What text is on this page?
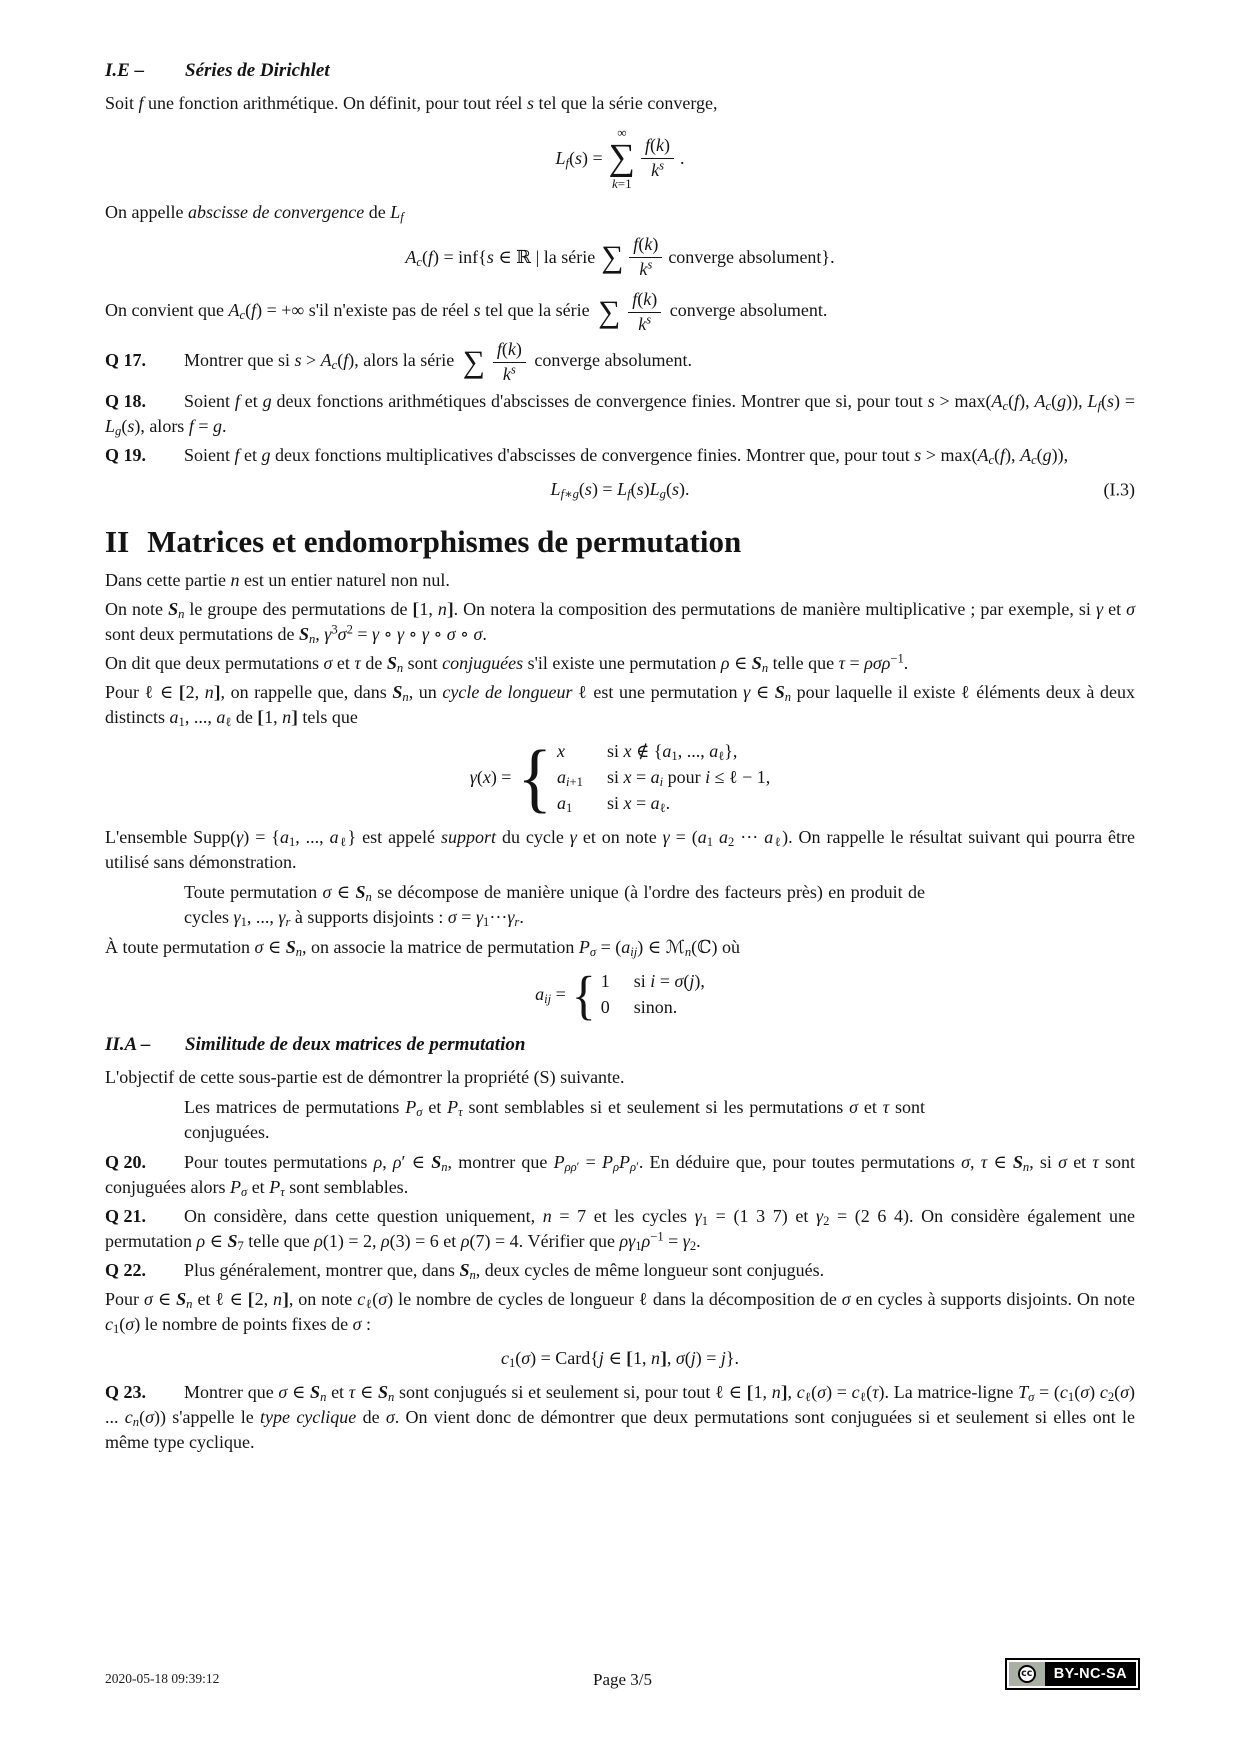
I.E –	Séries de Dirichlet

Soit f une fonction arithmétique. On définit, pour tout réel s tel que la série converge,

$L_f(s)$ =
∞
∑
k=1
$\frac{f(k)}{k^s}$ .

On appelle abscisse de convergence de $L_f$

$A_c(f) = inf\{s$ ∈ ℝ | la série ∑ $\frac{f(k)}{k^s}$ converge absolument}.

On convient que $A_c(f)$ = +∞ s'il n'existe pas de réel s tel que la série ∑ $\frac{f(k)}{k^s}$ converge absolument.

Q 17. Montrer que si $s > A_c(f)$, alors la série ∑ $\frac{f(k)}{k^s}$ converge absolument.

Q 18. Soient f et g deux fonctions arithmétiques d'abscisses de convergence finies. Montrer que si, pour tout $s > \max(A_c(f)$, $A_c(g)$), $L_f(s) = L_g(s)$, alors f = g.

Q 19. Soient f et g deux fonctions multiplicatives d'abscisses de convergence finies. Montrer que, pour tout $s > \max(A_c(f)$, $A_c(g)$),

$L_{f∗g}(s) = L_f(s)L_g(s)$.	(I.3)
II Matrices et endomorphismes de permutation

Dans cette partie n est un entier naturel non nul.

On note $S_n$ le groupe des permutations de [[ 1, n]] . On notera la composition des permutations de manière multiplicative ; par exemple, si γ et σ sont deux permutations de $S_n$, $\gamma^3\sigma^2 = \gamma$ ∘ γ ∘ γ ∘ σ ∘ σ.

On dit que deux permutations σ et τ de $S_n$ sont conjuguées s'il existe une permutation ρ ∈ $S_n$ telle que τ = ρσρ$^{-1}$.

Pour ℓ ∈ [[ 2, n]] , on rappelle que, dans $S_n$, un cycle de longueur ℓ est une permutation γ ∈ $S_n$ pour laquelle il existe ℓ éléments deux à deux distincts $a_1$, ..., $a_\ell$ de [[ 1, n]] tels que

γ(x) = { x	si x ∉ {$a_1$, ..., $a_\ell$},
$a_{i+1}$ si $x = a_i$ pour i ≤ ℓ − 1,
$a_1$	si $x = a_\ell$.

L'ensemble Supp(γ) = {$a_1$, ..., $a_\ell$} est appelé support du cycle γ et on note $\gamma = (a_1$ $a_2$ ··· $a_\ell$). On rappelle le résultat suivant qui pourra être utilisé sans démonstration.

Toute permutation σ ∈ $S_n$ se décompose de manière unique (à l'ordre des facteurs près) en produit de cycles $\gamma_1$, ..., $\gamma_r$ à supports disjoints : $\sigma = \gamma_1\cdot\cdot\cdot\gamma_r$.

À toute permutation σ ∈ $S_n$, on associe la matrice de permutation $P_\sigma = (a_{ij})$ ∈ ℳ$_n$(ℂ) où

$a_{ij}$ = { 1 si i = σ(j),
0 sinon.
II.A –	Similitude de deux matrices de permutation

L'objectif de cette sous-partie est de démontrer la propriété (S) suivante.

Les matrices de permutations $P_\sigma$ et $P_\tau$ sont semblables si et seulement si les permutations σ et τ sont conjuguées.

Q 20. Pour toutes permutations ρ, ρ′ ∈ $S_n$, montrer que $P_{\rho\rho'} = P_\rho P_{\rho'}$. En déduire que, pour toutes permutations σ, τ ∈ $S_n$, si σ et τ sont conjuguées alors $P_\sigma$ et $P_\tau$ sont semblables.

Q 21. On considère, dans cette question uniquement, n = 7 et les cycles $\gamma_1 = (1$ 3 7) et $\gamma_2 = (2$ 6 4). On considère également une permutation ρ ∈ $S_7$ telle que ρ(1) = 2, ρ(3) = 6 et ρ(7) = 4. Vérifier que $\rho\gamma_1\rho^{-1} = \gamma_2$.

Q 22. Plus généralement, montrer que, dans $S_n$, deux cycles de même longueur sont conjugués.

Pour σ ∈ $S_n$ et ℓ ∈ [[ 2, n]] , on note $c_\ell(\sigma)$ le nombre de cycles de longueur ℓ dans la décomposition de σ en cycles à supports disjoints. On note $c_1(\sigma)$ le nombre de points fixes de σ :

$c_1(\sigma)$ = Card{j ∈ [[ 1, n]] , σ(j) = j}.

Q 23. Montrer que σ ∈ $S_n$ et τ ∈ $S_n$ sont conjugués si et seulement si, pour tout ℓ ∈ [[ 1, n]] , $c_\ell(\sigma) = c_\ell(\tau)$. La matrice-ligne $T_\sigma = (c_1(\sigma)$ $c_2(\sigma)$ ... $c_n(\sigma)$) s'appelle le type cyclique de σ. On vient donc de démontrer que deux permutations sont conjuguées si et seulement si elles ont le même type cyclique.

2020-05-18 09:39:12	Page 3/5	cc	BY-NC-SA
